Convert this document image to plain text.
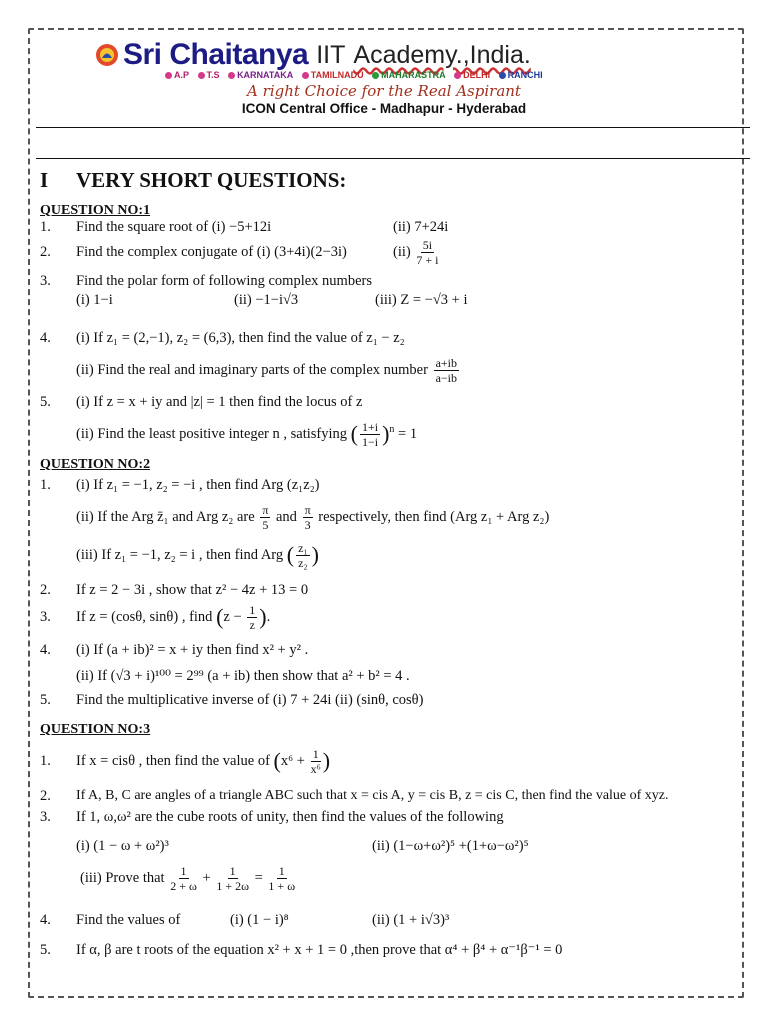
Sri Chaitanya IIT Academy.,India.
A.P T.S KARNATAKA TAMILNADU MAHARASTRA DELHI RANCHI
A right Choice for the Real Aspirant
ICON Central Office - Madhapur - Hyderabad
I VERY SHORT QUESTIONS:
QUESTION NO:1
1. Find the square root of (i) −5+12i	(ii) 7+24i
2. Find the complex conjugate of (i) (3+4i)(2−3i)	$(ii) \frac{5i}{7 + i}$
3. Find the polar form of following complex numbers
(i) 1−i	(ii) −1−i√3	(iii) Z = −√3 + i
4. (i) If z₁ = (2,−1), z₂ = (6,3), then find the value of z₁ − z₂
(ii) Find the real and imaginary parts of the complex number $\frac{a+ib}{a-ib}$
5. (i) If z = x + iy and |z| = 1 then find the locus of z
(ii) Find the least positive integer n , satisfying ( $\frac{1+i}{1-i} )^n = 1$
QUESTION NO:2
1. (i) If z₁ = −1, z₂ = −i , then find Arg (z₁z₂)
(ii) If the Arg z̄₁ and Arg z₂ are $\frac{\pi}{5}$ and $\frac{\pi}{3}$ respectively, then find (Arg z₁ + Arg z₂)
(iii) If z₁ = −1, z₂ = i , then find Arg ( $\frac{\text{z₁}}{\text{z₂}}$ )
2. If z = 2 − 3i , show that z² − 4z + 13 = 0
3. If z = (cosθ, sinθ) , find ($z - \frac{1}{z}$ ).
4. (i) If (a + ib)² = x + iy then find x² + y² .
(ii) If (√3 + i)¹⁰⁰ = 2⁹⁹ (a + ib) then show that a² + b² = 4 .
5. Find the multiplicative inverse of (i) 7 + 24i (ii) (sinθ, cosθ)
QUESTION NO:3
1. If x = cisθ , then find the value of ($x^6 + \frac{1}{\text{x⁶}}$ )
2. If A, B, C are angles of a triangle ABC such that x = cis A, y = cis B, z = cis C, then find the value of xyz.
3. If 1, ω,ω² are the cube roots of unity, then find the values of the following
(i) (1 − ω + ω²)³	(ii) (1−ω+ω²)⁵ +(1+ω−ω²)⁵
(iii) Prove that $\frac{1}{2 + \omega} + \frac{1}{1 + 2\omega} = \frac{1}{1 + \omega}$
4. Find the values of	(i) (1 − i)⁸	(ii) (1 + i√3)³
5. If α, β are t roots of the equation x² + x + 1 = 0 ,then prove that α⁴ + β⁴ + α⁻¹β⁻¹ = 0
